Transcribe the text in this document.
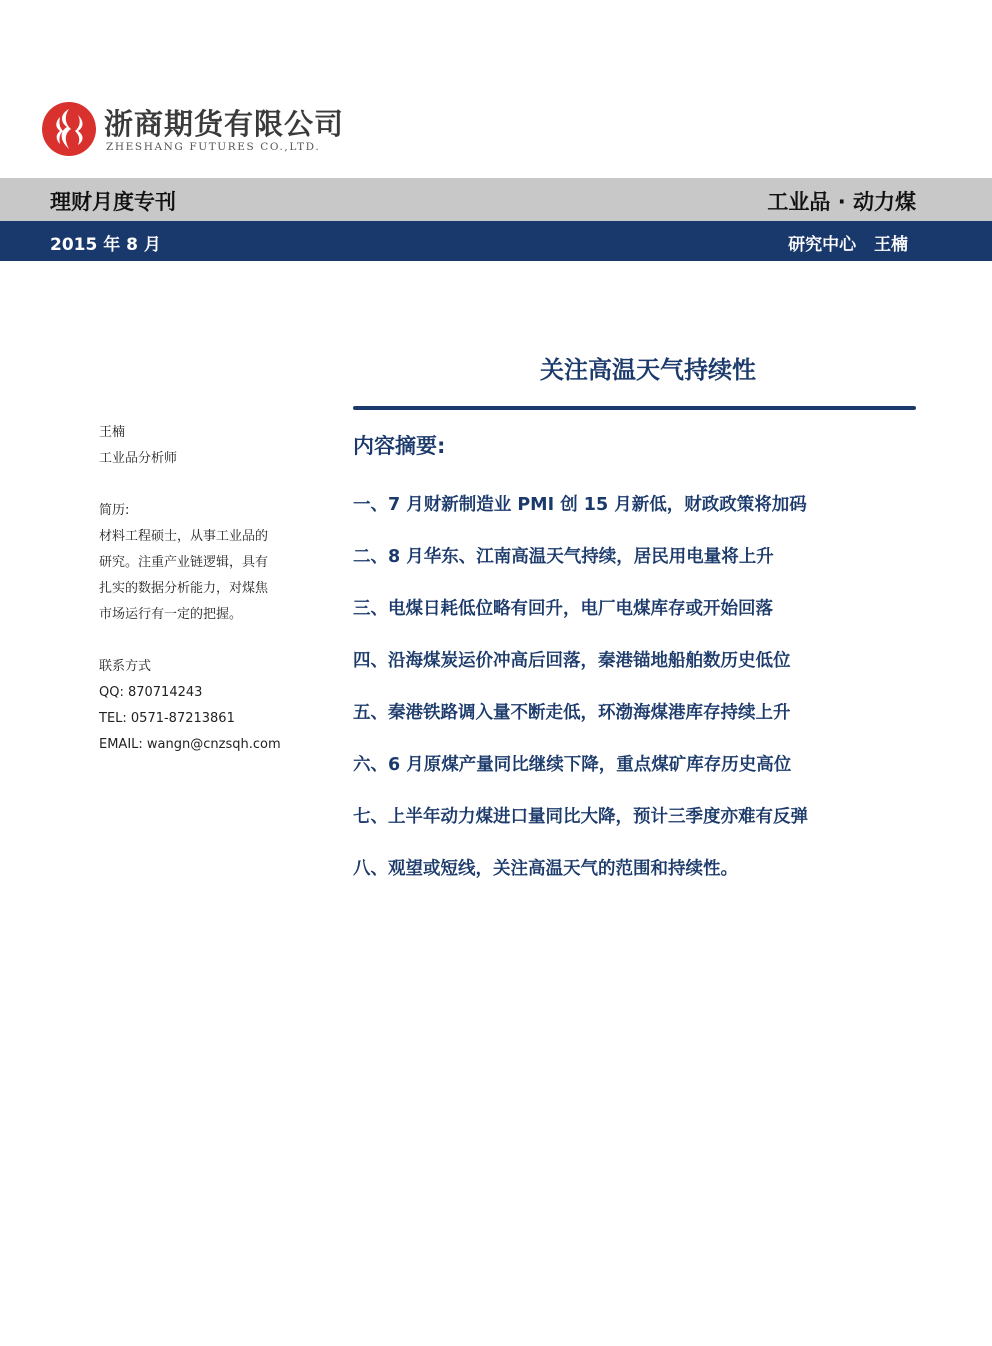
浙商期货有限公司
ZHESHANG FUTURES CO.,LTD.
理财月度专刊	工业品 · 动力煤
2015 年 8 月	研究中心 王楠
关注高温天气持续性
王楠
工业品分析师
简历:
材料工程硕士，从事工业品的
研究。注重产业链逻辑，具有
扎实的数据分析能力，对煤焦
市场运行有一定的把握。
联系方式
QQ: 870714243
TEL: 0571-87213861
EMAIL: wangn@cnzsqh.com
内容摘要:
一、7 月财新制造业 PMI 创 15 月新低，财政政策将加码
二、8 月华东、江南高温天气持续，居民用电量将上升
三、电煤日耗低位略有回升，电厂电煤库存或开始回落
四、沿海煤炭运价冲高后回落，秦港锚地船舶数历史低位
五、秦港铁路调入量不断走低，环渤海煤港库存持续上升
六、6 月原煤产量同比继续下降，重点煤矿库存历史高位
七、上半年动力煤进口量同比大降，预计三季度亦难有反弹
八、观望或短线，关注高温天气的范围和持续性。
